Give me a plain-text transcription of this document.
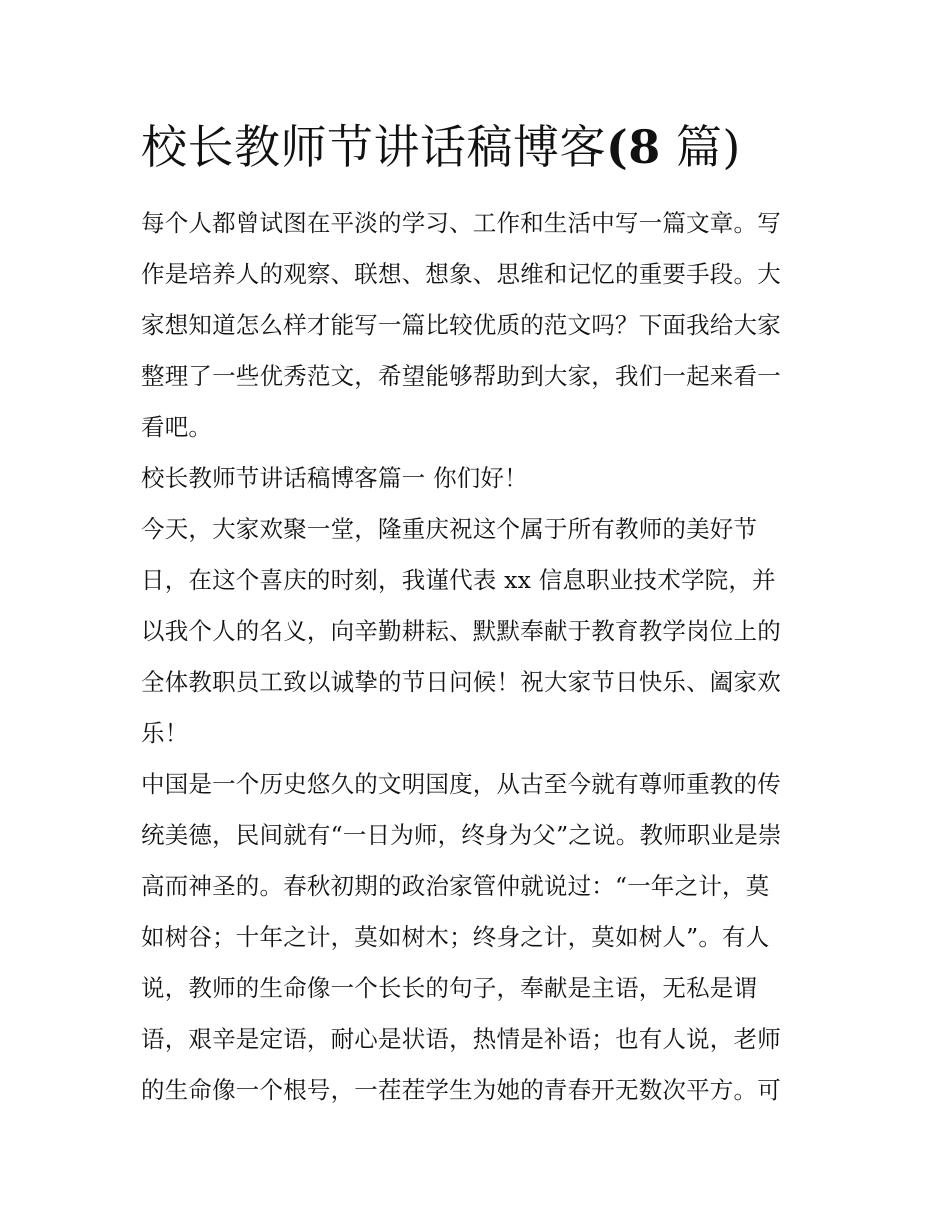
校长教师节讲话稿博客(8 篇)
每个人都曾试图在平淡的学习、工作和生活中写一篇文章。写
作是培养人的观察、联想、想象、思维和记忆的重要手段。大
家想知道怎么样才能写一篇比较优质的范文吗？下面我给大家
整理了一些优秀范文，希望能够帮助到大家，我们一起来看一
看吧。
校长教师节讲话稿博客篇一 你们好！
今天，大家欢聚一堂，隆重庆祝这个属于所有教师的美好节
日，在这个喜庆的时刻，我谨代表 xx 信息职业技术学院，并
以我个人的名义，向辛勤耕耘、默默奉献于教育教学岗位上的
全体教职员工致以诚挚的节日问候！祝大家节日快乐、阖家欢
乐！
中国是一个历史悠久的文明国度，从古至今就有尊师重教的传
统美德，民间就有“一日为师，终身为父”之说。教师职业是崇
高而神圣的。春秋初期的政治家管仲就说过：“一年之计，莫
如树谷；十年之计，莫如树木；终身之计，莫如树人”。有人
说，教师的生命像一个长长的句子，奉献是主语，无私是谓
语，艰辛是定语，耐心是状语，热情是补语；也有人说，老师
的生命像一个根号，一茬茬学生为她的青春开无数次平方。可
